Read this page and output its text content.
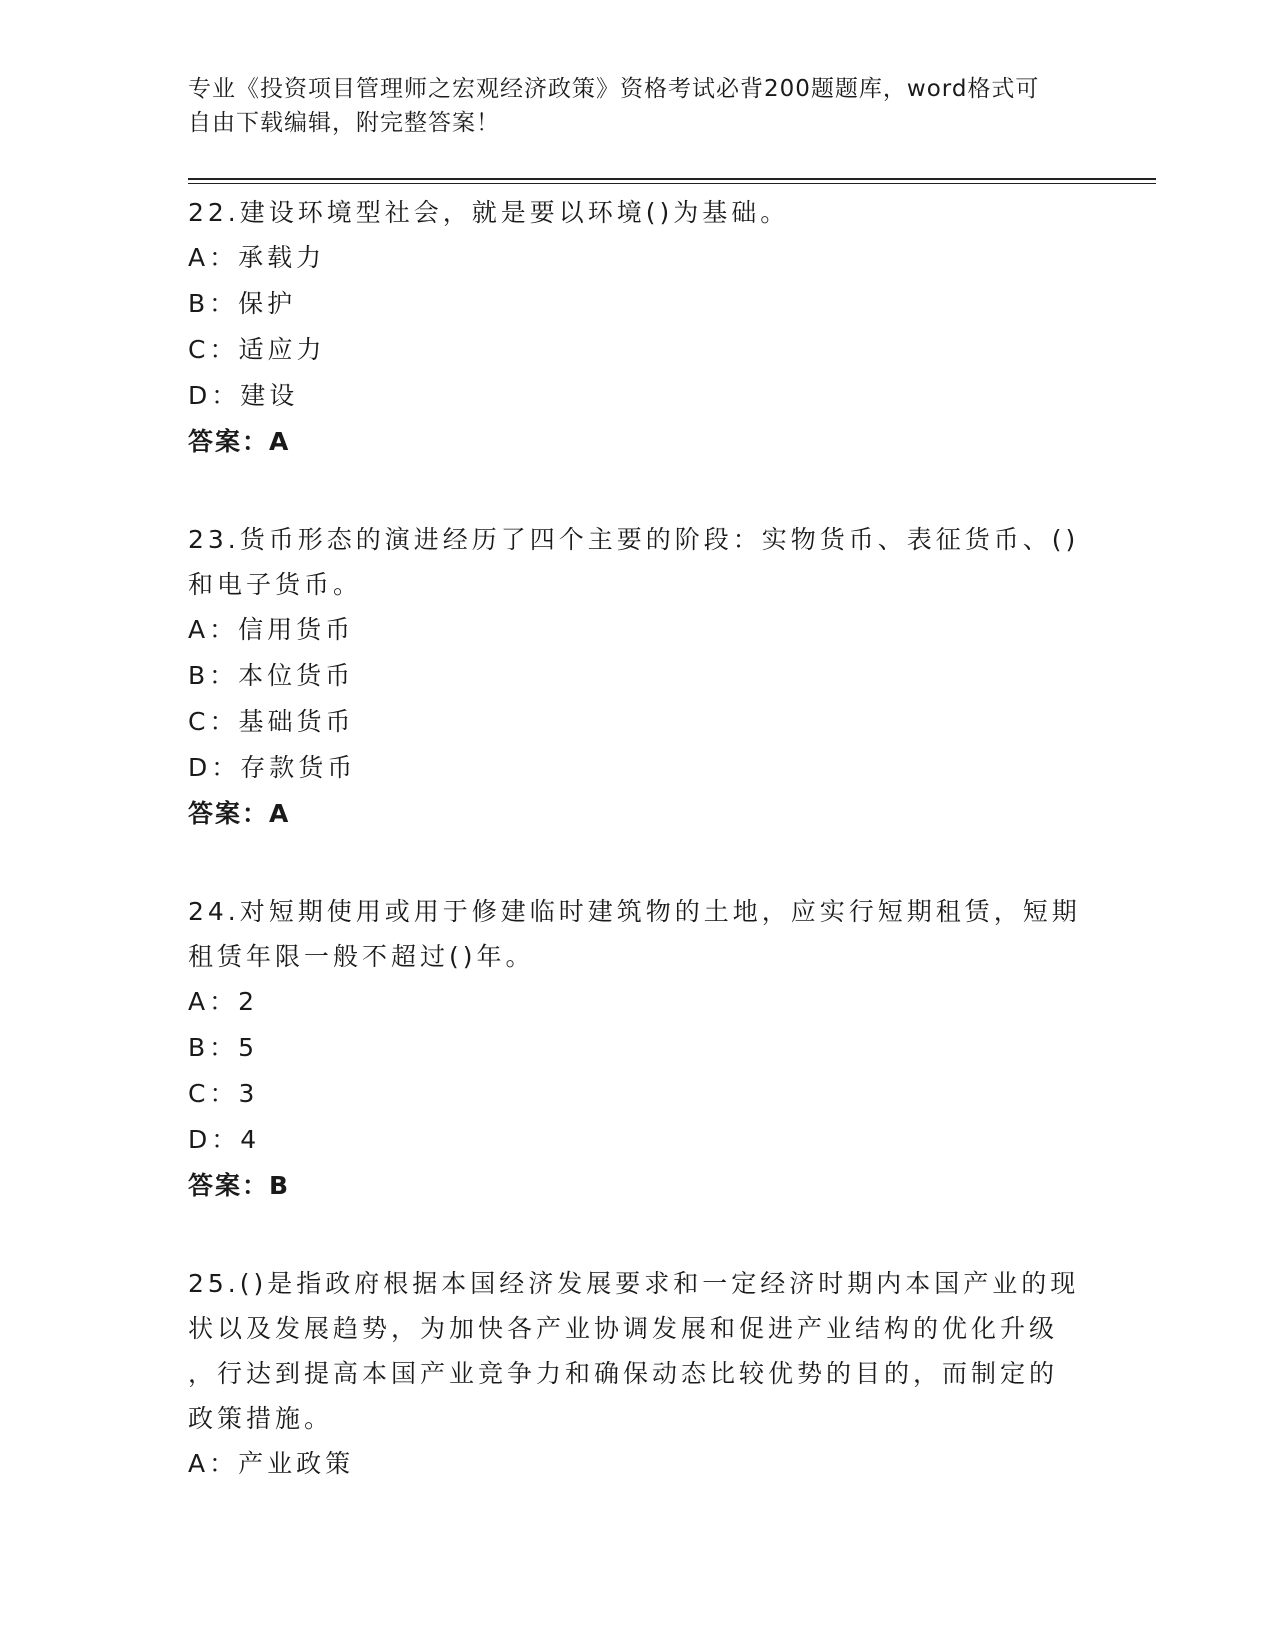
专业《投资项目管理师之宏观经济政策》资格考试必背200题题库，word格式可
自由下载编辑，附完整答案！
22.建设环境型社会，就是要以环境()为基础。
A：承载力
B：保护
C：适应力
D：建设
答案：A
23.货币形态的演进经历了四个主要的阶段：实物货币、表征货币、()
和电子货币。
A：信用货币
B：本位货币
C：基础货币
D：存款货币
答案：A
24.对短期使用或用于修建临时建筑物的土地，应实行短期租赁，短期
租赁年限一般不超过()年。
A：2
B：5
C：3
D：4
答案：B
25.()是指政府根据本国经济发展要求和一定经济时期内本国产业的现
状以及发展趋势，为加快各产业协调发展和促进产业结构的优化升级
，行达到提高本国产业竞争力和确保动态比较优势的目的，而制定的
政策措施。
A：产业政策
